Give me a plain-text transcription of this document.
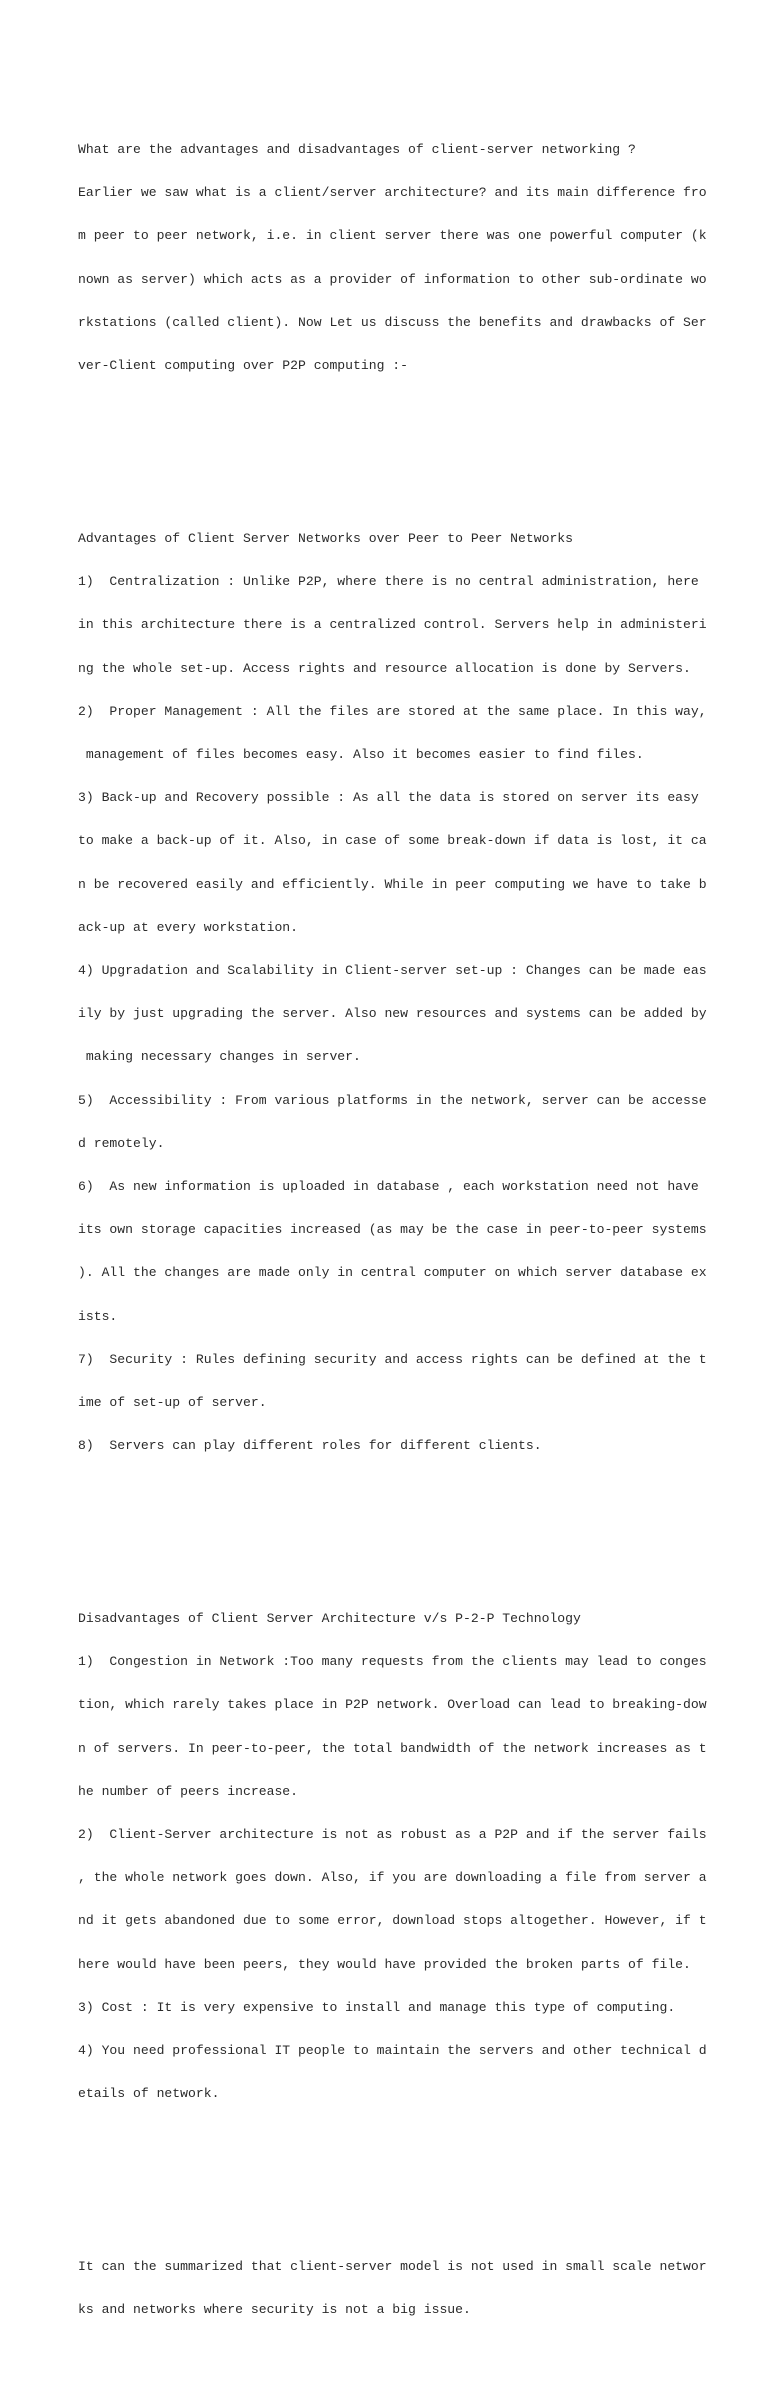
What are the advantages and disadvantages of client-server networking ?

Earlier we saw what is a client/server architecture? and its main difference fro

m peer to peer network, i.e. in client server there was one powerful computer (k

nown as server) which acts as a provider of information to other sub-ordinate wo

rkstations (called client). Now Let us discuss the benefits and drawbacks of Ser

ver-Client computing over P2P computing :-

Advantages of Client Server Networks over Peer to Peer Networks

1)  Centralization : Unlike P2P, where there is no central administration, here

in this architecture there is a centralized control. Servers help in administeri

ng the whole set-up. Access rights and resource allocation is done by Servers.

2)  Proper Management : All the files are stored at the same place. In this way,

management of files becomes easy. Also it becomes easier to find files.

3) Back-up and Recovery possible : As all the data is stored on server its easy

to make a back-up of it. Also, in case of some break-down if data is lost, it ca

n be recovered easily and efficiently. While in peer computing we have to take b

ack-up at every workstation.

4) Upgradation and Scalability in Client-server set-up : Changes can be made eas

ily by just upgrading the server. Also new resources and systems can be added by

making necessary changes in server.

5)  Accessibility : From various platforms in the network, server can be accesse

d remotely.

6)  As new information is uploaded in database , each workstation need not have

its own storage capacities increased (as may be the case in peer-to-peer systems

). All the changes are made only in central computer on which server database ex

ists.

7)  Security : Rules defining security and access rights can be defined at the t

ime of set-up of server.

8)  Servers can play different roles for different clients.

Disadvantages of Client Server Architecture v/s P-2-P Technology

1)  Congestion in Network :Too many requests from the clients may lead to conges

tion, which rarely takes place in P2P network. Overload can lead to breaking-dow

n of servers. In peer-to-peer, the total bandwidth of the network increases as t

he number of peers increase.

2)  Client-Server architecture is not as robust as a P2P and if the server fails

, the whole network goes down. Also, if you are downloading a file from server a

nd it gets abandoned due to some error, download stops altogether. However, if t

here would have been peers, they would have provided the broken parts of file.

3) Cost : It is very expensive to install and manage this type of computing.

4) You need professional IT people to maintain the servers and other technical d

etails of network.

It can the summarized that client-server model is not used in small scale networ

ks and networks where security is not a big issue.
